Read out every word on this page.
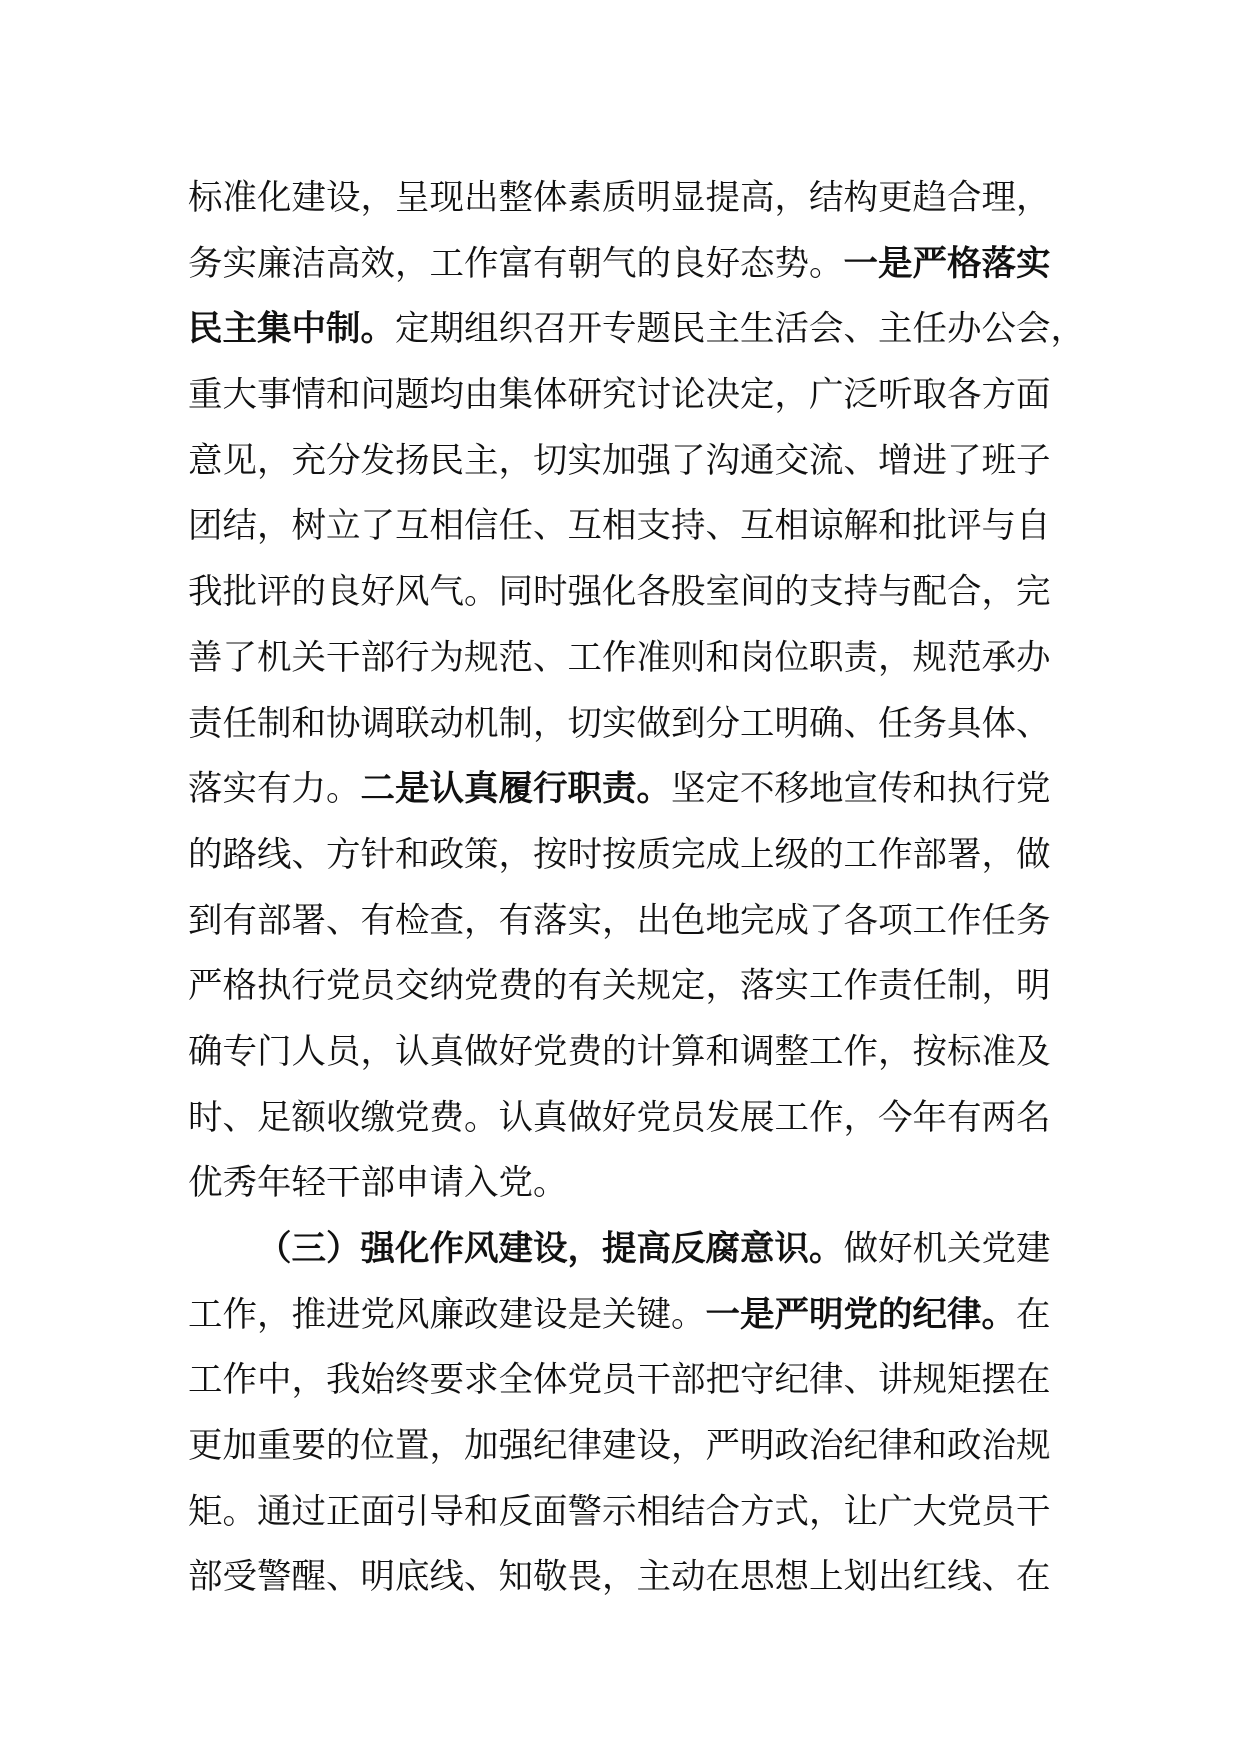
标准化建设，呈现出整体素质明显提高，结构更趋合理，
务实廉洁高效，工作富有朝气的良好态势。一是严格落实
民主集中制。定期组织召开专题民主生活会、主任办公会，
重大事情和问题均由集体研究讨论决定，广泛听取各方面
意见，充分发扬民主，切实加强了沟通交流、增进了班子
团结，树立了互相信任、互相支持、互相谅解和批评与自
我批评的良好风气。同时强化各股室间的支持与配合，完
善了机关干部行为规范、工作准则和岗位职责，规范承办
责任制和协调联动机制，切实做到分工明确、任务具体、
落实有力。二是认真履行职责。坚定不移地宣传和执行党
的路线、方针和政策，按时按质完成上级的工作部署，做
到有部署、有检查，有落实，出色地完成了各项工作任务
严格执行党员交纳党费的有关规定，落实工作责任制，明
确专门人员，认真做好党费的计算和调整工作，按标准及
时、足额收缴党费。认真做好党员发展工作，今年有两名
优秀年轻干部申请入党。
（三）强化作风建设，提高反腐意识。做好机关党建
工作，推进党风廉政建设是关键。一是严明党的纪律。在
工作中，我始终要求全体党员干部把守纪律、讲规矩摆在
更加重要的位置，加强纪律建设，严明政治纪律和政治规
矩。通过正面引导和反面警示相结合方式，让广大党员干
部受警醒、明底线、知敬畏，主动在思想上划出红线、在
